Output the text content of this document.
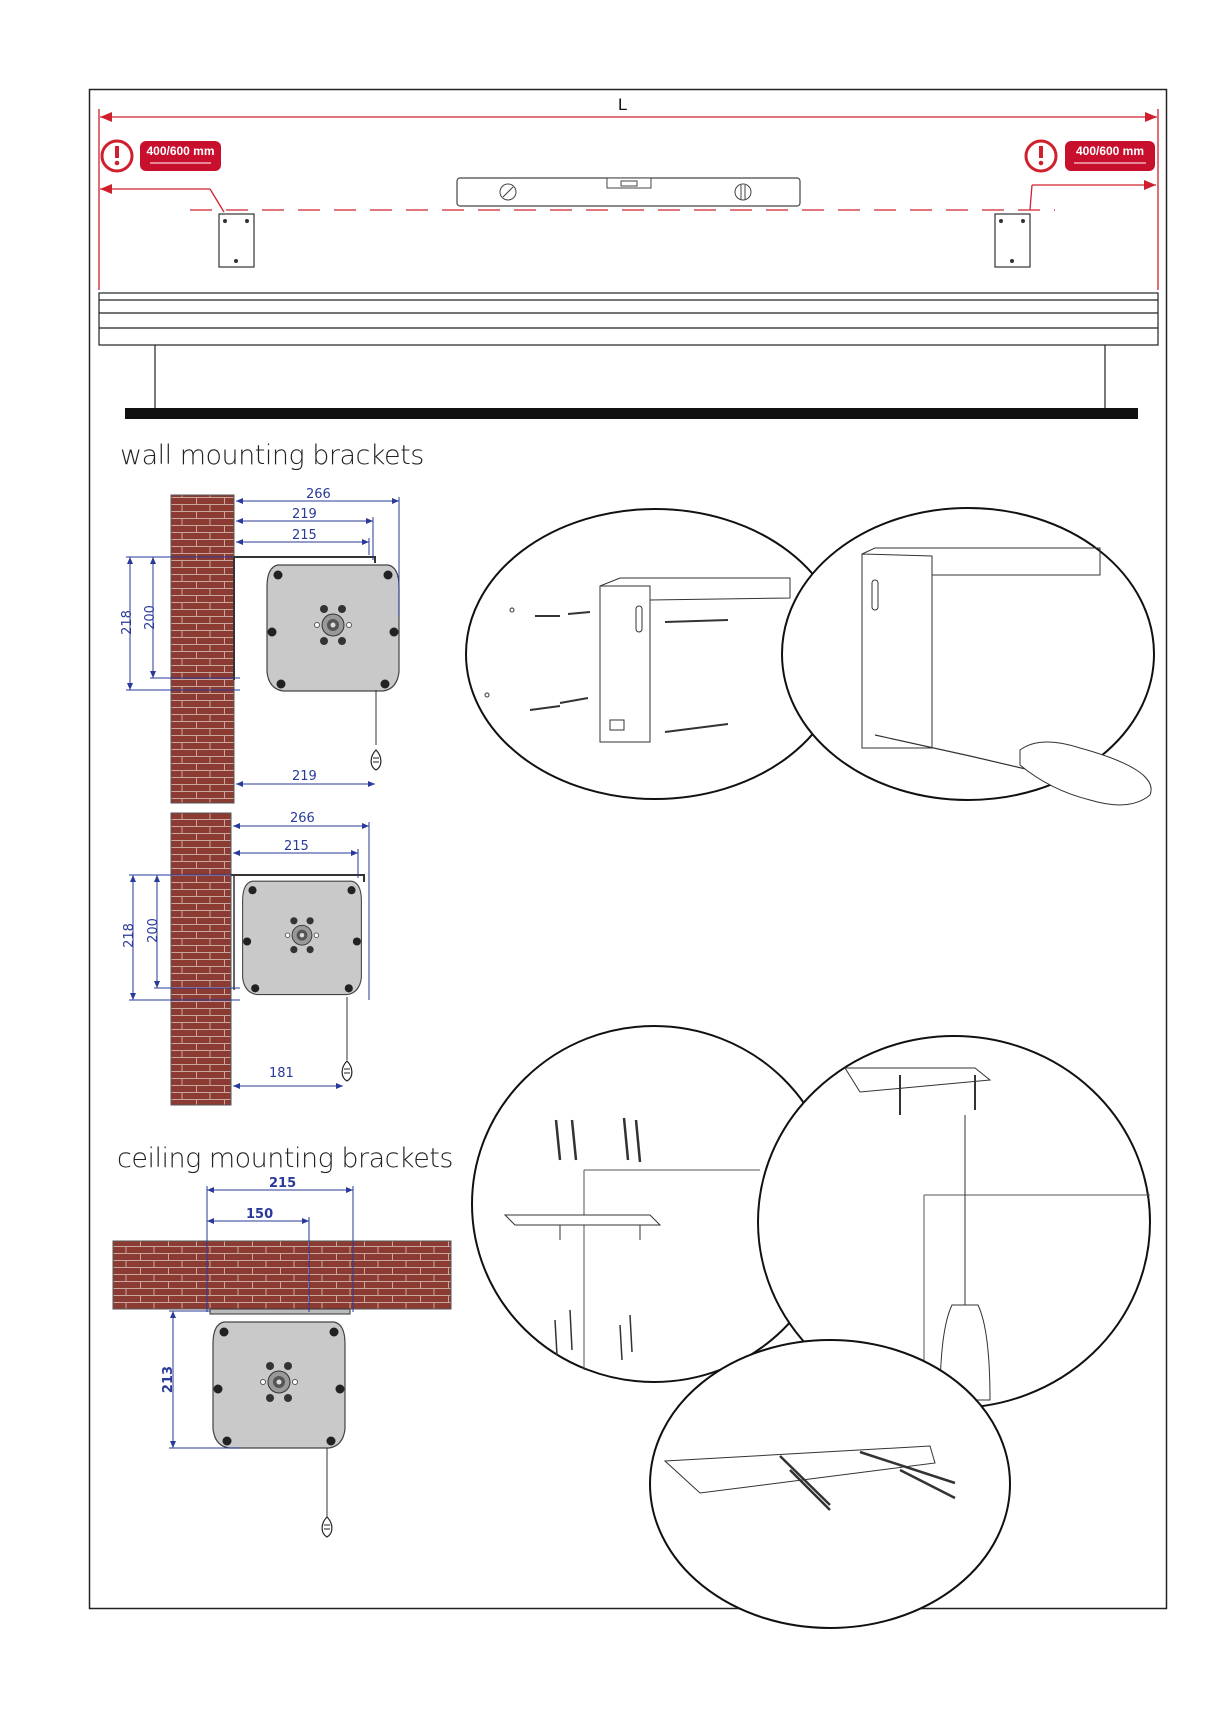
L
400/600 mm	400/600 mm
wall mounting brackets
ceiling mounting brackets
266
219
215
218 200
219
266
215
218 200
181
215
150
213
